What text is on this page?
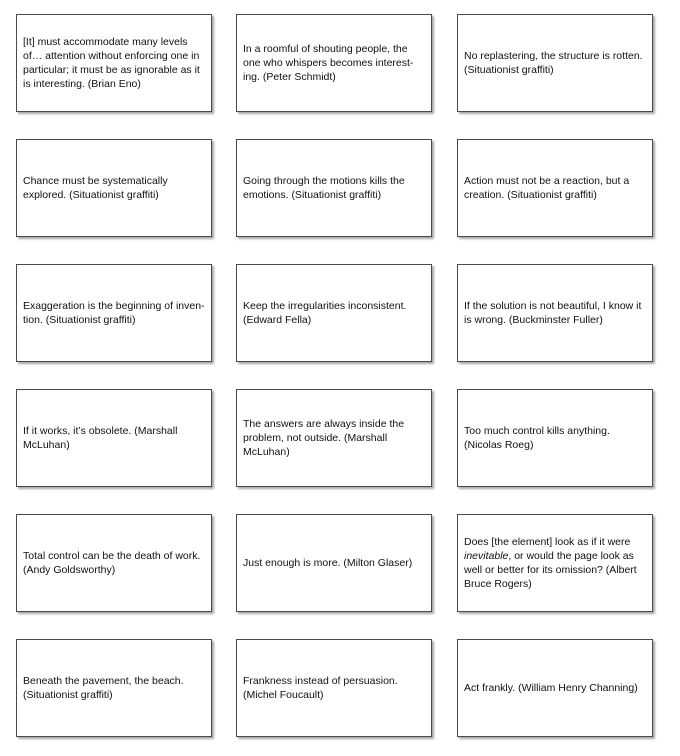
[It] must accommodate many levels of… attention without enforcing one in particular; it must be as ignorable as it is interesting. (Brian Eno)

In a roomful of shouting people, the one who whispers becomes interest-ing. (Peter Schmidt)

No replastering, the structure is rotten. (Situationist graffiti)

Chance must be systematically explored. (Situationist graffiti)

Going through the motions kills the emotions. (Situationist graffiti)

Action must not be a reaction, but a creation. (Situationist graffiti)

Exaggeration is the beginning of inven-tion. (Situationist graffiti)

Keep the irregularities inconsistent. (Edward Fella)

If the solution is not beautiful, I know it is wrong. (Buckminster Fuller)

If it works, it’s obsolete. (Marshall McLuhan)

The answers are always inside the problem, not outside. (Marshall McLuhan)

Too much control kills anything. (Nicolas Roeg)

Total control can be the death of work. (Andy Goldsworthy)

Just enough is more. (Milton Glaser)

Does [the element] look as if it were inevitable, or would the page look as well or better for its omission? (Albert Bruce Rogers)

Beneath the pavement, the beach. (Situationist graffiti)

Frankness instead of persuasion. (Michel Foucault)

Act frankly. (William Henry Channing)
